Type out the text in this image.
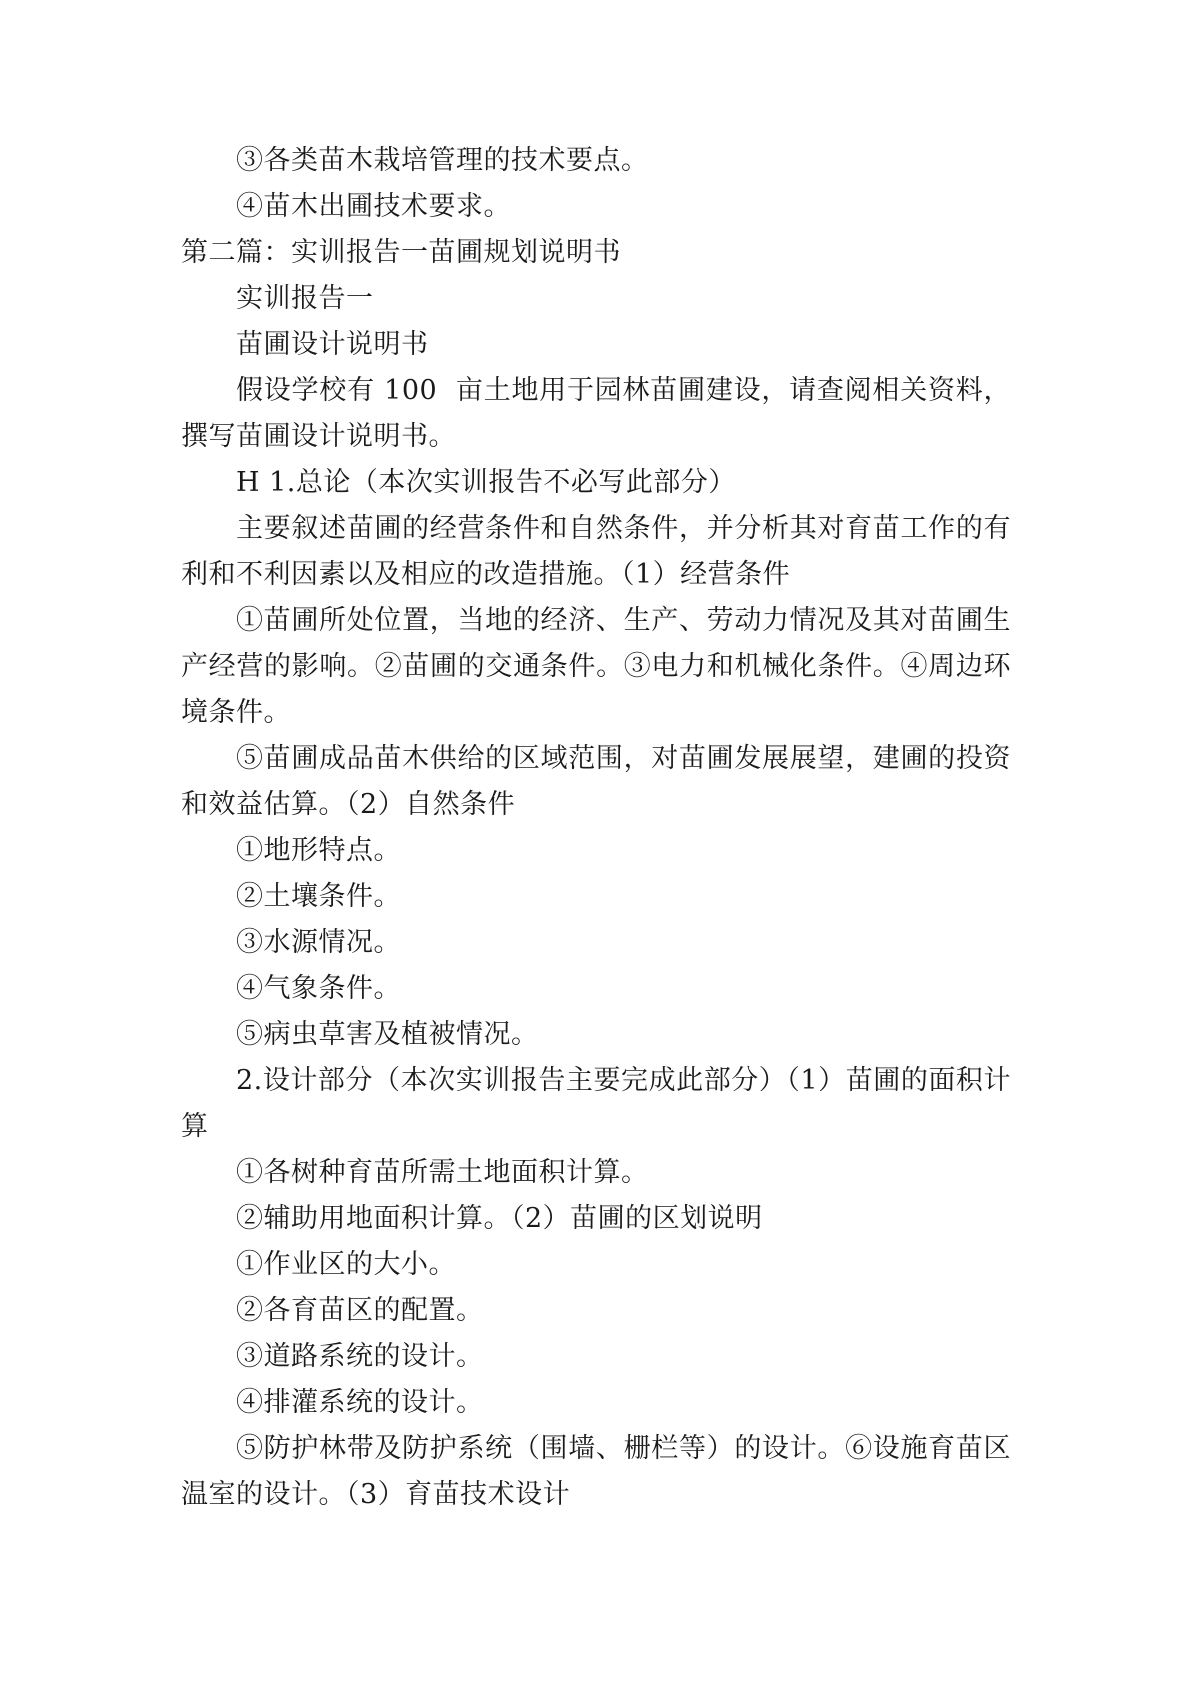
③各类苗木栽培管理的技术要点。

④苗木出圃技术要求。

第二篇：实训报告一苗圃规划说明书

实训报告一

苗圃设计说明书

假设学校有 100  亩土地用于园林苗圃建设，请查阅相关资料，撰写苗圃设计说明书。

H 1.总论（本次实训报告不必写此部分）

主要叙述苗圃的经营条件和自然条件，并分析其对育苗工作的有利和不利因素以及相应的改造措施。（1）经营条件

①苗圃所处位置，当地的经济、生产、劳动力情况及其对苗圃生产经营的影响。②苗圃的交通条件。③电力和机械化条件。④周边环境条件。

⑤苗圃成品苗木供给的区域范围，对苗圃发展展望，建圃的投资和效益估算。（2）自然条件

①地形特点。

②土壤条件。

③水源情况。

④气象条件。

⑤病虫草害及植被情况。

2.设计部分（本次实训报告主要完成此部分）（1）苗圃的面积计算

①各树种育苗所需土地面积计算。

②辅助用地面积计算。（2）苗圃的区划说明

①作业区的大小。

②各育苗区的配置。

③道路系统的设计。

④排灌系统的设计。

⑤防护林带及防护系统（围墙、栅栏等）的设计。⑥设施育苗区温室的设计。（3）育苗技术设计
